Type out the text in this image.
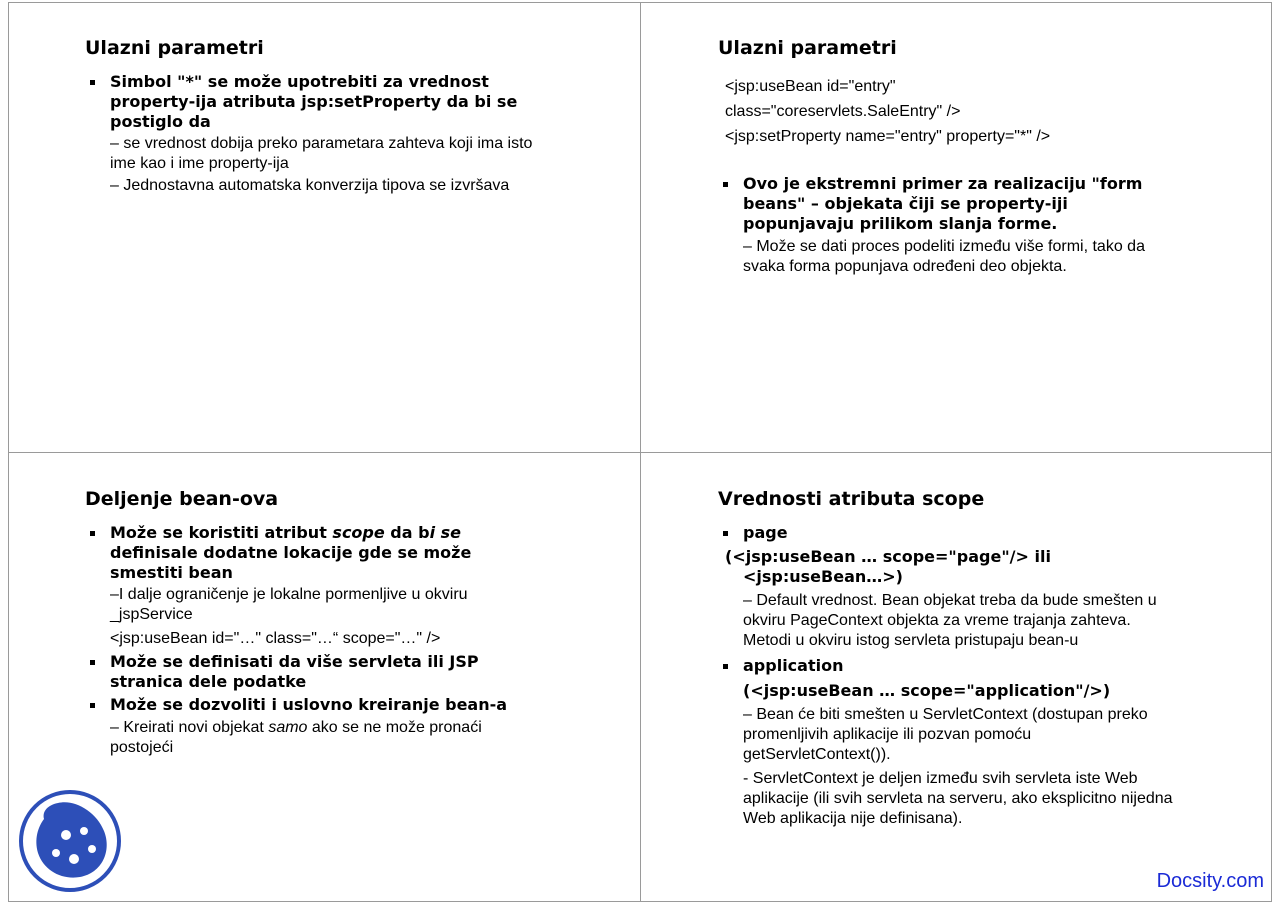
Ulazni parametri
Simbol "*" se može upotrebiti za vrednost property-ija atributa jsp:setProperty da bi se postiglo da
– se vrednost dobija preko parametara zahteva koji ima isto ime kao i ime property-ija
– Jednostavna automatska konverzija tipova se izvršava
Ulazni parametri
<jsp:useBean id="entry"
class="coreservlets.SaleEntry" />
<jsp:setProperty name="entry" property="*" />
Ovo je ekstremni primer za realizaciju "form beans" – objekata čiji se property-iji popunjavaju prilikom slanja forme.
– Može se dati proces podeliti između više formi, tako da svaka forma popunjava određeni deo objekta.
Deljenje bean-ova
Može se koristiti atribut scope da bi se definisale dodatne lokacije gde se može smestiti bean
–I dalje ograničenje je lokalne pormenljive u okviru _jspService
<jsp:useBean id="…" class="…“ scope="…" />
Može se definisati da više servleta ili JSP stranica dele podatke
Može se dozvoliti i uslovno kreiranje bean-a
– Kreirati novi objekat samo ako se ne može pronaći postojeći
Vrednosti atributa scope
page
(<jsp:useBean … scope="page"/> ili
<jsp:useBean…>)
– Default vrednost. Bean objekat treba da bude smešten u okviru PageContext objekta za vreme trajanja zahteva. Metodi u okviru istog servleta pristupaju bean-u
application
(<jsp:useBean … scope="application"/>)
– Bean će biti smešten u ServletContext (dostupan preko promenljivih aplikacije ili pozvan pomoću getServletContext()).
- ServletContext je deljen između svih servleta iste Web aplikacije (ili svih servleta na serveru, ako eksplicitno nijedna Web aplikacija nije definisana).
Docsity.com
